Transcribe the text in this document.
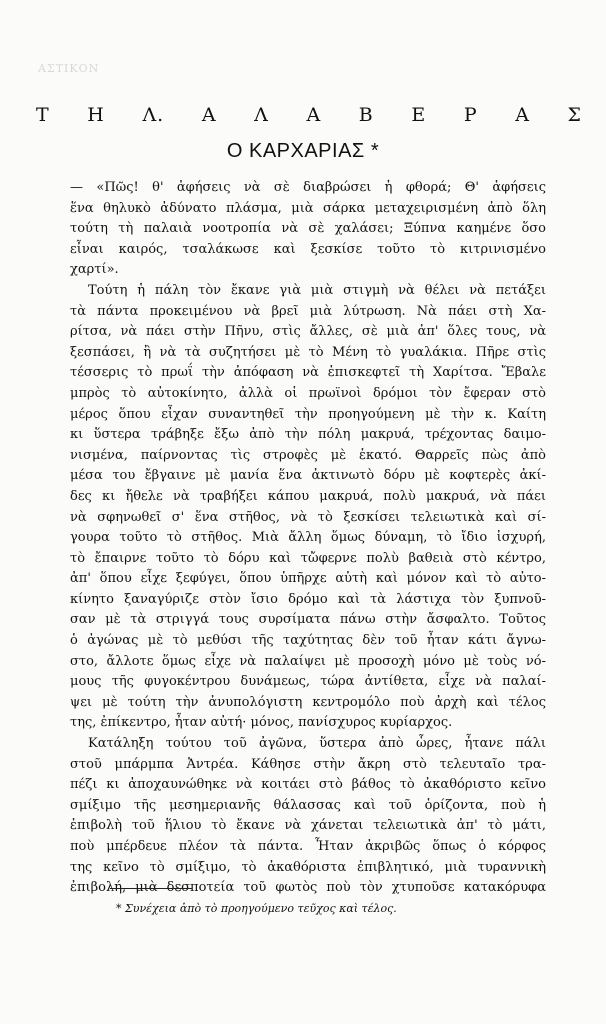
ΑΣΤΙΚΟΝ
Τ Η Λ. Α Λ Α Β Ε Ρ Α Σ
Ο ΚΑΡΧΑΡΙΑΣ *
— «Πῶς! θ' ἀφήσεις νὰ σὲ διαβρώσει ἡ φθορά; Θ' ἀφήσεις
ἕνα θηλυκὸ ἀδύνατο πλάσμα, μιὰ σάρκα μεταχειρισμένη ἀπὸ ὅλη
τούτη τὴ παλαιὰ νοοτροπία νὰ σὲ χαλάσει; Ξύπνα καημένε ὅσο
εἶναι καιρός, τσαλάκωσε καὶ ξεσκίσε τοῦτο τὸ κιτρινισμένο
χαρτί».
Τούτη ἡ πάλη τὸν ἔκανε γιὰ μιὰ στιγμὴ νὰ θέλει νὰ πετάξει
τὰ πάντα προκειμένου νὰ βρεῖ μιὰ λύτρωση. Νὰ πάει στὴ Χα-
ρίτσα, νὰ πάει στὴν Πῆνυ, στὶς ἄλλες, σὲ μιὰ ἀπ' ὅλες τους, νὰ
ξεσπάσει, ἢ νὰ τὰ συζητήσει μὲ τὸ Μένη τὸ γυαλάκια. Πῆρε στὶς
τέσσερις τὸ πρωΐ τὴν ἀπόφαση νὰ ἐπισκεφτεῖ τὴ Χαρίτσα. Ἔβαλε
μπρὸς τὸ αὐτοκίνητο, ἀλλὰ οἱ πρωϊνοὶ δρόμοι τὸν ἔφεραν στὸ
μέρος ὅπου εἶχαν συναντηθεῖ τὴν προηγούμενη μὲ τὴν κ. Καίτη
κι ὕστερα τράβηξε ἔξω ἀπὸ τὴν πόλη μακρυά, τρέχοντας δαιμο-
νισμένα, παίρνοντας τὶς στροφὲς μὲ ἑκατό. Θαρρεῖς πὼς ἀπὸ
μέσα του ἔβγαινε μὲ μανία ἕνα ἀκτινωτὸ δόρυ μὲ κοφτερὲς ἀκί-
δες κι ἤθελε νὰ τραβήξει κάπου μακρυά, πολὺ μακρυά, νὰ πάει
νὰ σφηνωθεῖ σ' ἕνα στῆθος, νὰ τὸ ξεσκίσει τελειωτικὰ καὶ σί-
γουρα τοῦτο τὸ στῆθος. Μιὰ ἄλλη ὅμως δύναμη, τὸ ἴδιο ἰσχυρή,
τὸ ἔπαιρνε τοῦτο τὸ δόρυ καὶ τὤφερνε πολὺ βαθειὰ στὸ κέντρο,
ἀπ' ὅπου εἶχε ξεφύγει, ὅπου ὑπῆρχε αὐτὴ καὶ μόνον καὶ τὸ αὐτο-
κίνητο ξαναγύριζε στὸν ἴσιο δρόμο καὶ τὰ λάστιχα τὸν ξυπνοῦ-
σαν μὲ τὰ στριγγά τους συρσίματα πάνω στὴν ἄσφαλτο. Τοῦτος
ὁ ἀγώνας μὲ τὸ μεθύσι τῆς ταχύτητας δὲν τοῦ ἦταν κάτι ἄγνω-
στο, ἄλλοτε ὅμως εἶχε νὰ παλαίψει μὲ προσοχὴ μόνο μὲ τοὺς νό-
μους τῆς φυγοκέντρου δυνάμεως, τώρα ἀντίθετα, εἶχε νὰ παλαί-
ψει μὲ τούτη τὴν ἀνυπολόγιστη κεντρομόλο ποὺ ἀρχὴ καὶ τέλος
της, ἐπίκεντρο, ἦταν αὐτή· μόνος, πανίσχυρος κυρίαρχος.
Κατάληξη τούτου τοῦ ἀγῶνα, ὕστερα ἀπὸ ὧρες, ἦτανε πάλι
στοῦ μπάρμπα Ἀντρέα. Κάθησε στὴν ἄκρη στὸ τελευταῖο τρα-
πέζι κι ἀποχαυνώθηκε νὰ κοιτάει στὸ βάθος τὸ ἀκαθόριστο κεῖνο
σμίξιμο τῆς μεσημεριανῆς θάλασσας καὶ τοῦ ὁρίζοντα, ποὺ ἡ
ἐπιβολὴ τοῦ ἥλιου τὸ ἔκανε νὰ χάνεται τελειωτικὰ ἀπ' τὸ μάτι,
ποὺ μπέρδευε πλέον τὰ πάντα. Ἦταν ἀκριβῶς ὅπως ὁ κόρφος
της κεῖνο τὸ σμίξιμο, τὸ ἀκαθόριστα ἐπιβλητικό, μιὰ τυραννικὴ
ἐπιβολή, μιὰ δεσποτεία τοῦ φωτὸς ποὺ τὸν χτυποῦσε κατακόρυφα
* Συνέχεια ἀπὸ τὸ προηγούμενο τεῦχος καὶ τέλος.
